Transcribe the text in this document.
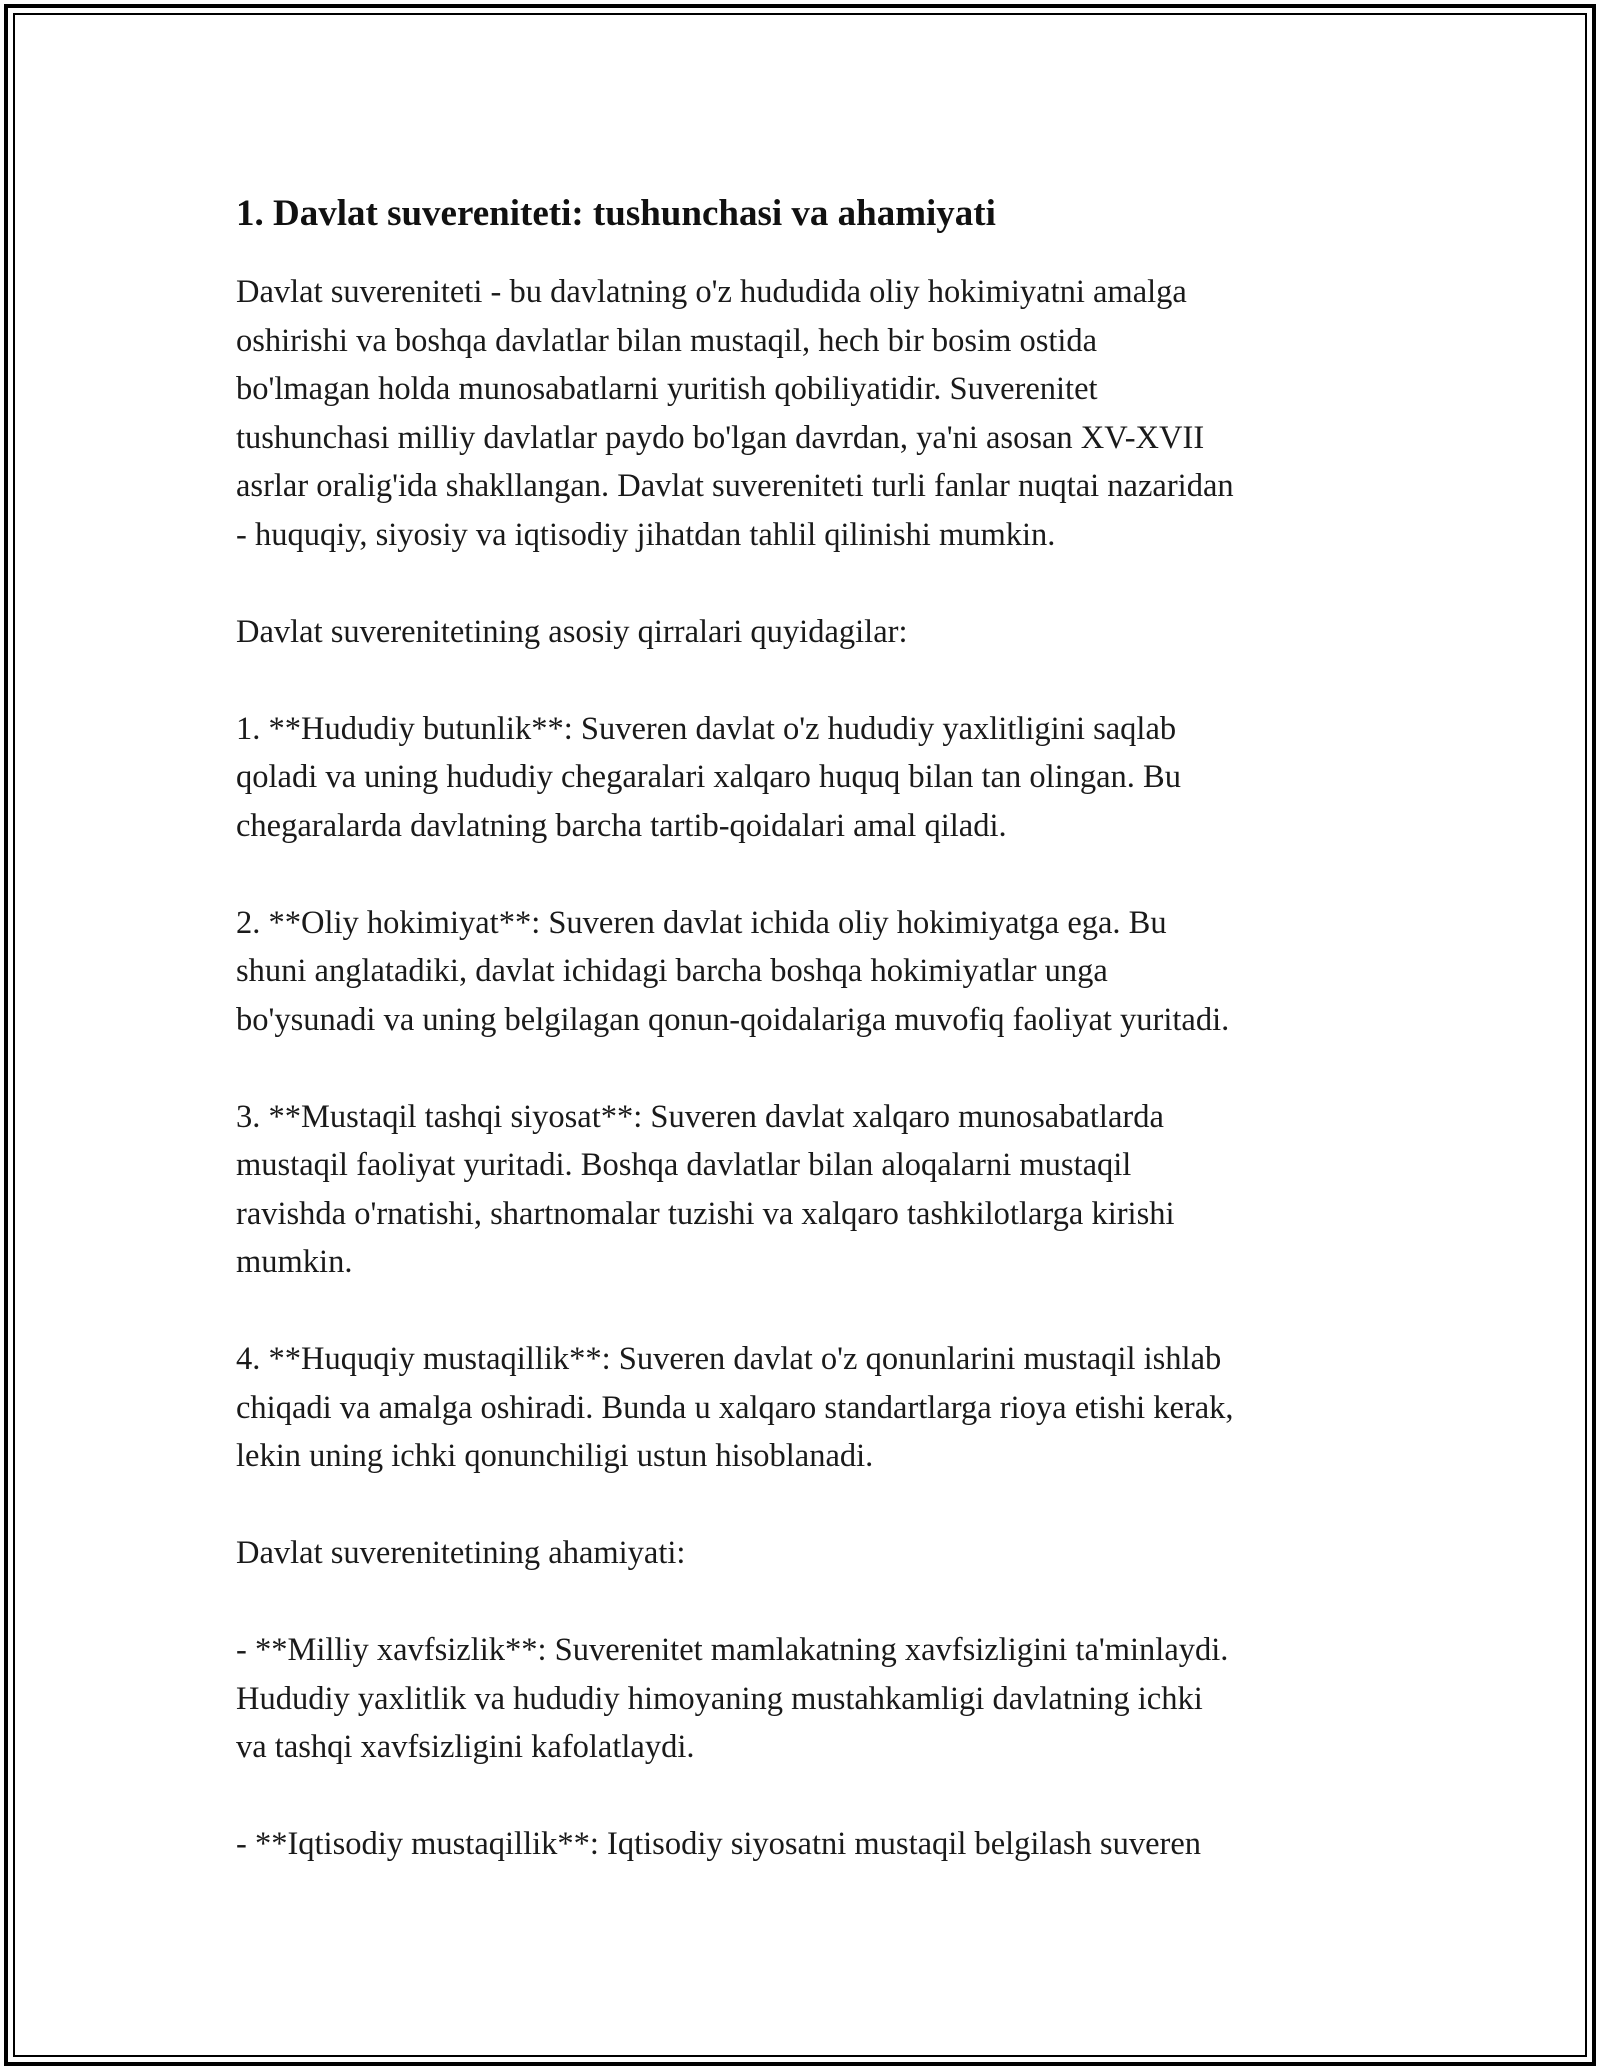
1. Davlat suvereniteti: tushunchasi va ahamiyati

Davlat suvereniteti - bu davlatning o'z hududida oliy hokimiyatni amalga
oshirishi va boshqa davlatlar bilan mustaqil, hech bir bosim ostida
bo'lmagan holda munosabatlarni yuritish qobiliyatidir. Suverenitet
tushunchasi milliy davlatlar paydo bo'lgan davrdan, ya'ni asosan XV-XVII
asrlar oralig'ida shakllangan. Davlat suvereniteti turli fanlar nuqtai nazaridan
- huquqiy, siyosiy va iqtisodiy jihatdan tahlil qilinishi mumkin.

Davlat suverenitetining asosiy qirralari quyidagilar:

1. **Hududiy butunlik**: Suveren davlat o'z hududiy yaxlitligini saqlab
qoladi va uning hududiy chegaralari xalqaro huquq bilan tan olingan. Bu
chegaralarda davlatning barcha tartib-qoidalari amal qiladi.

2. **Oliy hokimiyat**: Suveren davlat ichida oliy hokimiyatga ega. Bu
shuni anglatadiki, davlat ichidagi barcha boshqa hokimiyatlar unga
bo'ysunadi va uning belgilagan qonun-qoidalariga muvofiq faoliyat yuritadi.

3. **Mustaqil tashqi siyosat**: Suveren davlat xalqaro munosabatlarda
mustaqil faoliyat yuritadi. Boshqa davlatlar bilan aloqalarni mustaqil
ravishda o'rnatishi, shartnomalar tuzishi va xalqaro tashkilotlarga kirishi
mumkin.

4. **Huquqiy mustaqillik**: Suveren davlat o'z qonunlarini mustaqil ishlab
chiqadi va amalga oshiradi. Bunda u xalqaro standartlarga rioya etishi kerak,
lekin uning ichki qonunchiligi ustun hisoblanadi.

Davlat suverenitetining ahamiyati:

- **Milliy xavfsizlik**: Suverenitet mamlakatning xavfsizligini ta'minlaydi.
Hududiy yaxlitlik va hududiy himoyaning mustahkamligi davlatning ichki
va tashqi xavfsizligini kafolatlaydi.

- **Iqtisodiy mustaqillik**: Iqtisodiy siyosatni mustaqil belgilash suveren
